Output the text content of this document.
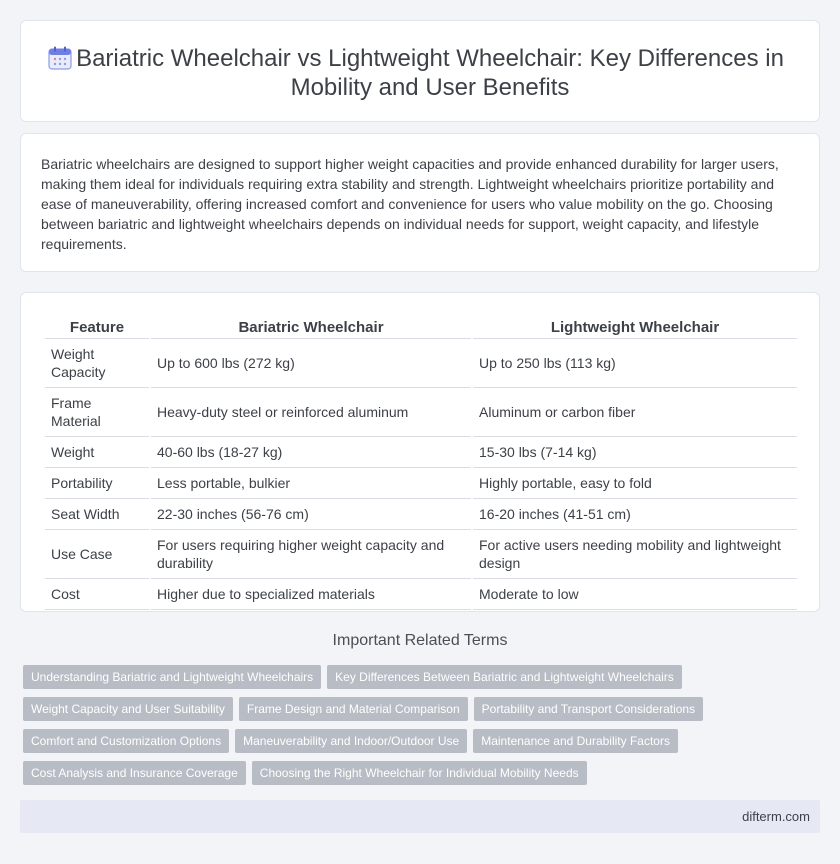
Bariatric Wheelchair vs Lightweight Wheelchair: Key Differences in Mobility and User Benefits

Bariatric wheelchairs are designed to support higher weight capacities and provide enhanced durability for larger users, making them ideal for individuals requiring extra stability and strength. Lightweight wheelchairs prioritize portability and ease of maneuverability, offering increased comfort and convenience for users who value mobility on the go. Choosing between bariatric and lightweight wheelchairs depends on individual needs for support, weight capacity, and lifestyle requirements.

Feature	Bariatric Wheelchair	Lightweight Wheelchair
Weight Capacity	Up to 600 lbs (272 kg)	Up to 250 lbs (113 kg)
Frame Material	Heavy-duty steel or reinforced aluminum	Aluminum or carbon fiber
Weight	40-60 lbs (18-27 kg)	15-30 lbs (7-14 kg)
Portability	Less portable, bulkier	Highly portable, easy to fold
Seat Width	22-30 inches (56-76 cm)	16-20 inches (41-51 cm)
Use Case	For users requiring higher weight capacity and durability	For active users needing mobility and lightweight design
Cost	Higher due to specialized materials	Moderate to low
Important Related Terms
Understanding Bariatric and Lightweight Wheelchairs	Key Differences Between Bariatric and Lightweight Wheelchairs
Weight Capacity and User Suitability	Frame Design and Material Comparison	Portability and Transport Considerations
Comfort and Customization Options	Maneuverability and Indoor/Outdoor Use	Maintenance and Durability Factors
Cost Analysis and Insurance Coverage	Choosing the Right Wheelchair for Individual Mobility Needs
difterm.com
